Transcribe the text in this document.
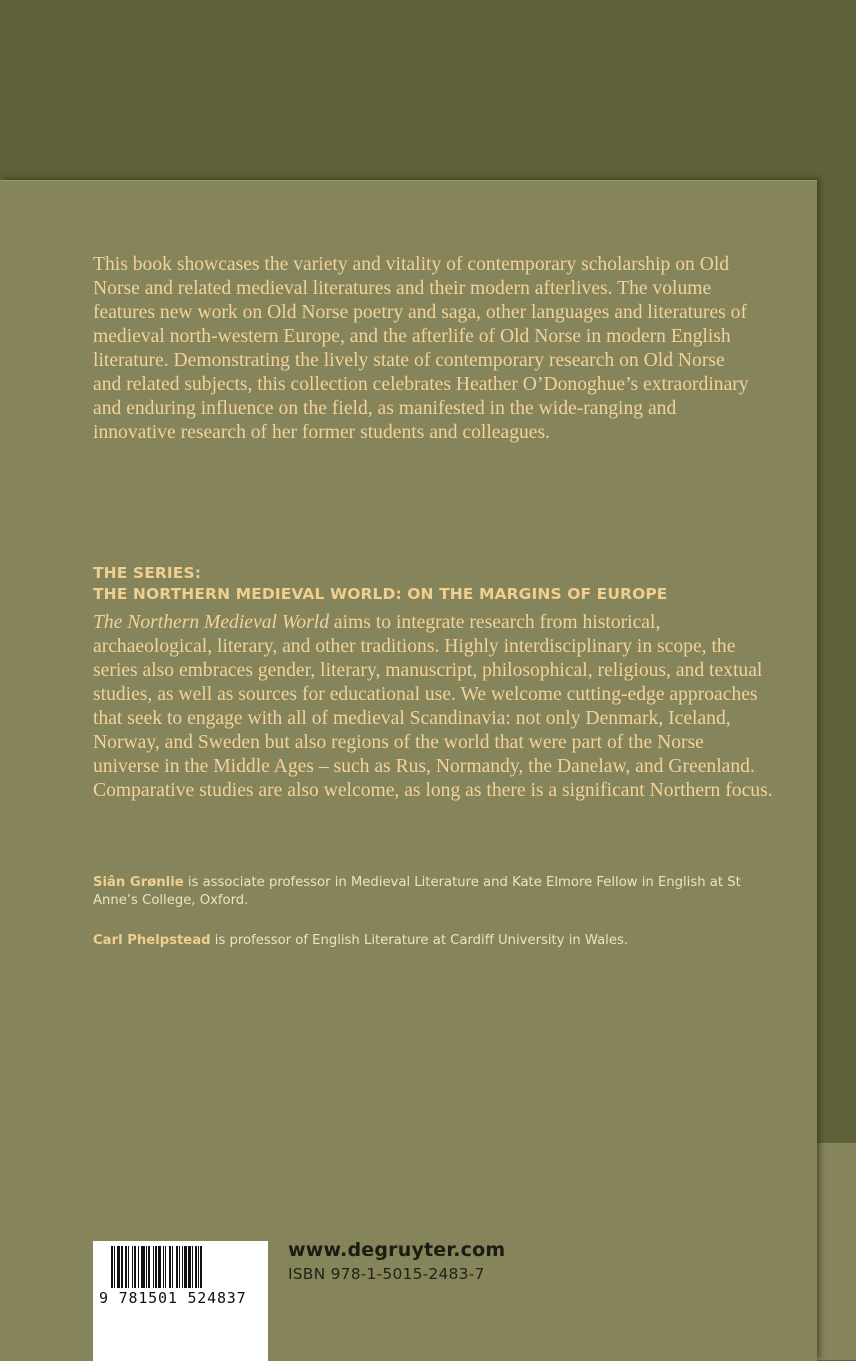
This book showcases the variety and vitality of contemporary scholarship on Old Norse and related medieval literatures and their modern afterlives. The volume features new work on Old Norse poetry and saga, other languages and literatures of medieval north-western Europe, and the afterlife of Old Norse in modern English literature. Demonstrating the lively state of contemporary research on Old Norse and related subjects, this collection celebrates Heather O’Donoghue’s extraordinary and enduring influence on the field, as manifested in the wide-ranging and innovative research of her former students and colleagues.

THE SERIES:
THE NORTHERN MEDIEVAL WORLD: ON THE MARGINS OF EUROPE

The Northern Medieval World aims to integrate research from historical, archaeological, literary, and other traditions. Highly interdisciplinary in scope, the series also embraces gender, literary, manuscript, philosophical, religious, and textual studies, as well as sources for educational use. We welcome cutting-edge approaches that seek to engage with all of medieval Scandinavia: not only Denmark, Iceland, Norway, and Sweden but also regions of the world that were part of the Norse universe in the Middle Ages – such as Rus, Normandy, the Danelaw, and Greenland. Comparative studies are also welcome, as long as there is a significant Northern focus.

Siân Grønlie is associate professor in Medieval Literature and Kate Elmore Fellow in English at St Anne’s College, Oxford.

Carl Phelpstead is professor of English Literature at Cardiff University in Wales.

9 781501 524837
www.degruyter.com
ISBN 978-1-5015-2483-7
